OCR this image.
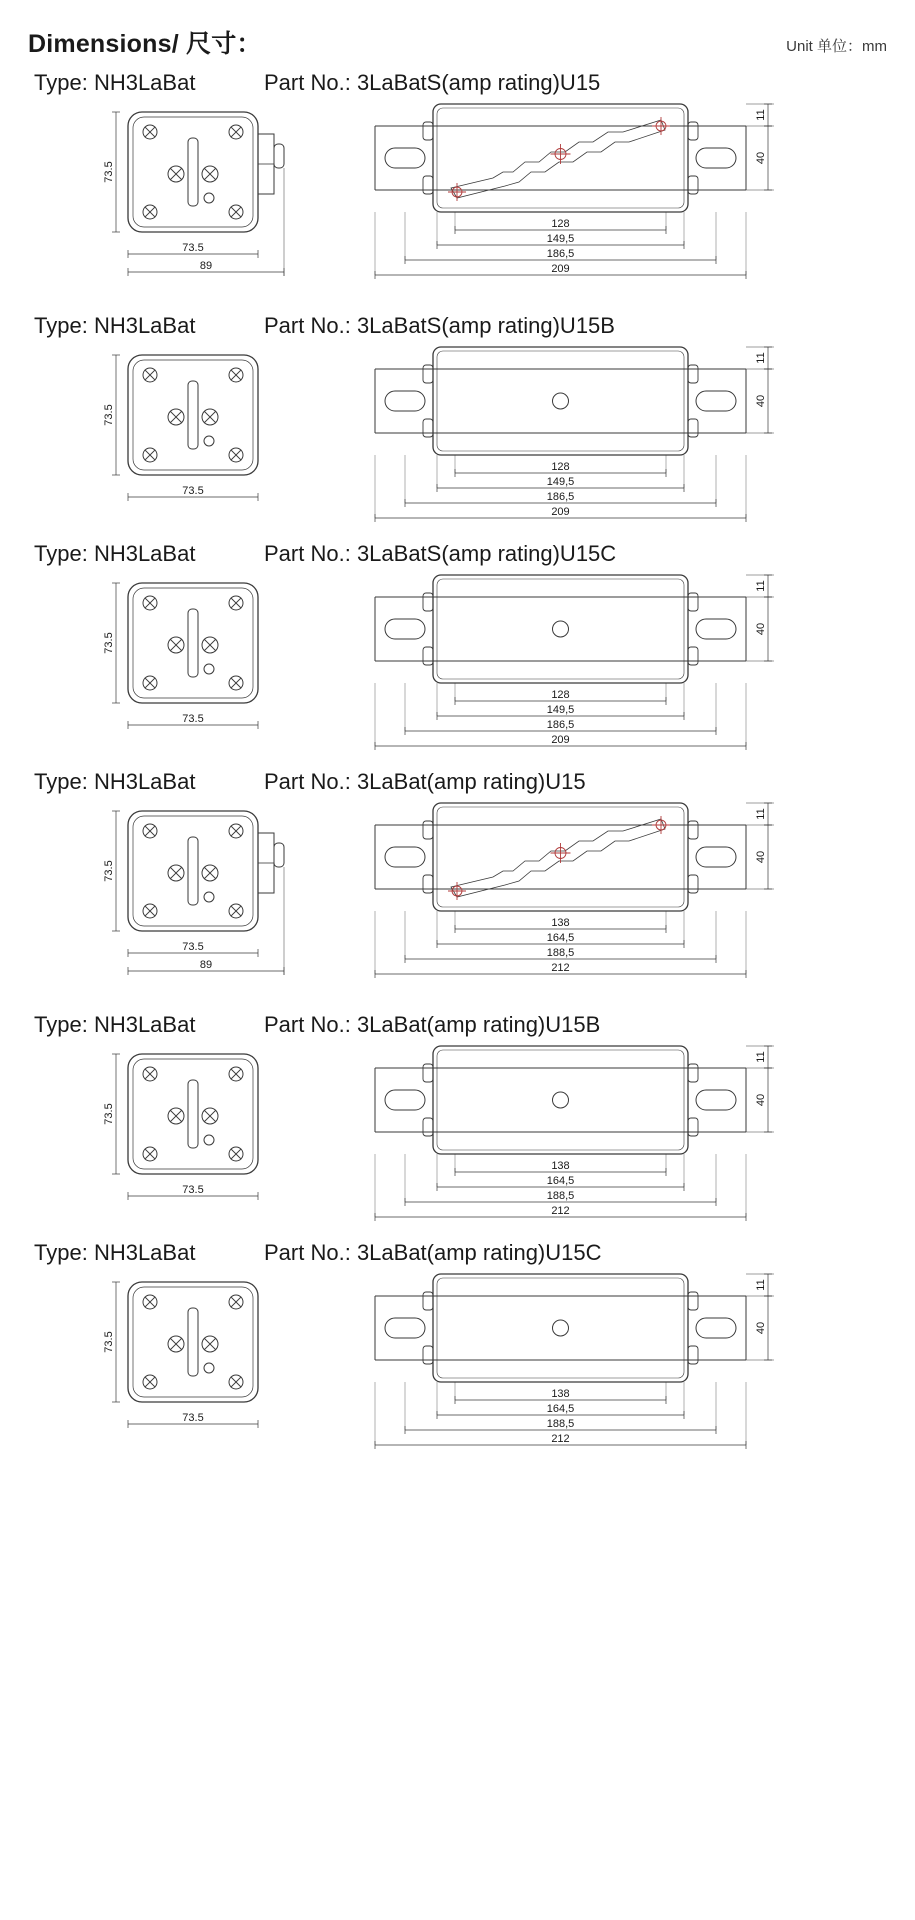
Dimensions/ 尺寸：	Unit 单位：mm
Type: NH3LaBat	Part No.: 3LaBatS(amp rating)U15
73.5
73.5
89
11
40
128
149,5
186,5
209
Type: NH3LaBat	Part No.: 3LaBatS(amp rating)U15B
73.5
73.5
11
40
128
149,5
186,5
209
Type: NH3LaBat	Part No.: 3LaBatS(amp rating)U15C
73.5
73.5
11
40
128
149,5
186,5
209
Type: NH3LaBat	Part No.: 3LaBat(amp rating)U15
73.5
73.5
89
11
40
138
164,5
188,5
212
Type: NH3LaBat	Part No.: 3LaBat(amp rating)U15B
73.5
73.5
11
40
138
164,5
188,5
212
Type: NH3LaBat	Part No.: 3LaBat(amp rating)U15C
73.5
73.5
11
40
138
164,5
188,5
212
